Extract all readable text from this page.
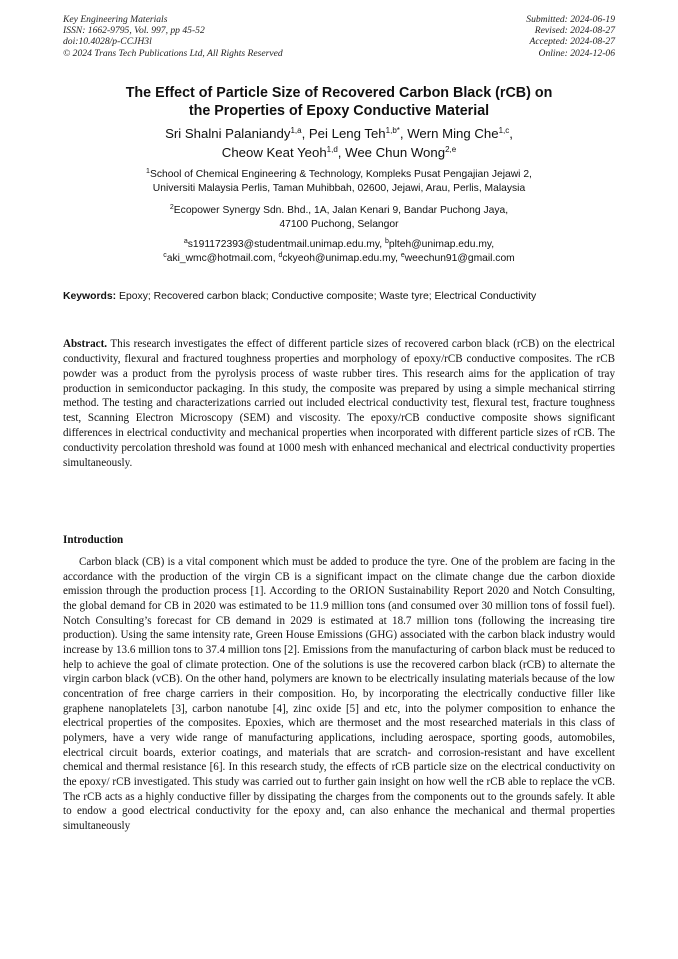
Key Engineering Materials
ISSN: 1662-9795, Vol. 997, pp 45-52
doi:10.4028/p-CCJH3l
© 2024 Trans Tech Publications Ltd, All Rights Reserved
Submitted: 2024-06-19
Revised: 2024-08-27
Accepted: 2024-08-27
Online: 2024-12-06
The Effect of Particle Size of Recovered Carbon Black (rCB) on
the Properties of Epoxy Conductive Material
Sri Shalni Palaniandy$^{1,a}$, Pei Leng Teh$^{1,b*}$, Wern Ming Che$^{1,c}$,
Cheow Keat Yeoh$^{1,d}$, Wee Chun Wong$^{2,e}$
$^1$School of Chemical Engineering & Technology, Kompleks Pusat Pengajian Jejawi 2,
Universiti Malaysia Perlis, Taman Muhibbah, 02600, Jejawi, Arau, Perlis, Malaysia
$^2$Ecopower Synergy Sdn. Bhd., 1A, Jalan Kenari 9, Bandar Puchong Jaya,
47100 Puchong, Selangor
$^a$s191172393@studentmail.unimap.edu.my, $^b$plteh@unimap.edu.my,
$^c$aki_wmc@hotmail.com, $^d$ckyeoh@unimap.edu.my, $^e$weechun91@gmail.com
Keywords: Epoxy; Recovered carbon black; Conductive composite; Waste tyre; Electrical Conductivity
Abstract. This research investigates the effect of different particle sizes of recovered carbon black (rCB) on the electrical conductivity, flexural and fractured toughness properties and morphology of epoxy/rCB conductive composites. The rCB powder was a product from the pyrolysis process of waste rubber tires. This research aims for the application of tray production in semiconductor packaging. In this study, the composite was prepared by using a simple mechanical stirring method. The testing and characterizations carried out included electrical conductivity test, flexural test, fracture toughness test, Scanning Electron Microscopy (SEM) and viscosity. The epoxy/rCB conductive composite shows significant differences in electrical conductivity and mechanical properties when incorporated with different particle sizes of rCB. The conductivity percolation threshold was found at 1000 mesh with enhanced mechanical and electrical conductivity properties simultaneously.
Introduction
Carbon black (CB) is a vital component which must be added to produce the tyre. One of the problem are facing in the accordance with the production of the virgin CB is a significant impact on the climate change due the carbon dioxide emission through the production process [1]. According to the ORION Sustainability Report 2020 and Notch Consulting, the global demand for CB in 2020 was estimated to be 11.9 million tons (and consumed over 30 million tons of fossil fuel). Notch Consulting’s forecast for CB demand in 2029 is estimated at 18.7 million tons (following the increasing tire production). Using the same intensity rate, Green House Emissions (GHG) associated with the carbon black industry would increase by 13.6 million tons to 37.4 million tons [2]. Emissions from the manufacturing of carbon black must be reduced to help to achieve the goal of climate protection. One of the solutions is use the recovered carbon black (rCB) to alternate the virgin carbon black (vCB). On the other hand, polymers are known to be electrically insulating materials because of the low concentration of free charge carriers in their composition. Ho, by incorporating the electrically conductive filler like graphene nanoplatelets [3], carbon nanotube [4], zinc oxide [5] and etc, into the polymer composition to enhance the electrical properties of the composites. Epoxies, which are thermoset and the most researched materials in this class of polymers, have a very wide range of manufacturing applications, including aerospace, sporting goods, automobiles, electrical circuit boards, exterior coatings, and materials that are scratch- and corrosion-resistant and have excellent chemical and thermal resistance [6]. In this research study, the effects of rCB particle size on the electrical conductivity on the epoxy/ rCB investigated. This study was carried out to further gain insight on how well the rCB able to replace the vCB. The rCB acts as a highly conductive filler by dissipating the charges from the components out to the grounds safely. It able to endow a good electrical conductivity for the epoxy and, can also enhance the mechanical and thermal properties simultaneously
